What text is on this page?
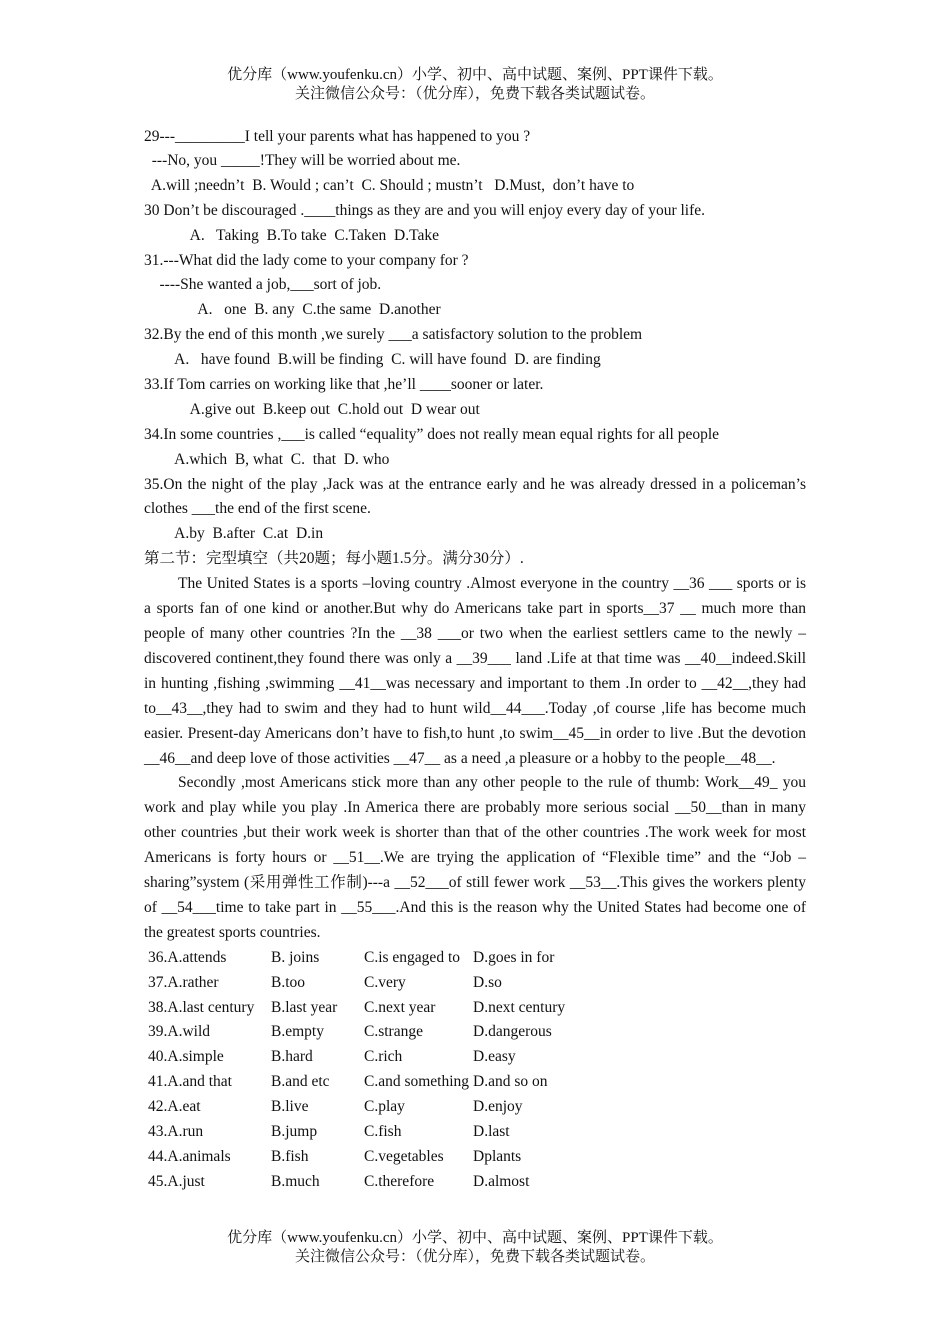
优分库（www.youfenku.cn）小学、初中、高中试题、案例、PPT课件下载。
关注微信公众号：（优分库），免费下载各类试题试卷。
29---_________I tell your parents what has happened to you ?
---No, you _____!They will be worried about me.
A.will ;needn’t  B. Would ; can’t  C. Should ; mustn’t   D.Must,  don’t have to
30 Don’t be discouraged .____things as they are and you will enjoy every day of your life.
A.   Taking  B.To take  C.Taken  D.Take
31.---What did the lady come to your company for ?
----She wanted a job,___sort of job.
A.   one  B. any  C.the same  D.another
32.By the end of this month ,we surely ___a satisfactory solution to the problem
A.   have found  B.will be finding  C. will have found  D. are finding
33.If Tom carries on working like that ,he’ll ____sooner or later.
A.give out  B.keep out  C.hold out  D wear out
34.In some countries ,___is called “equality” does not really mean equal rights for all people
A.which  B, what  C.  that  D. who

35.On the night of the play ,Jack was at the entrance early and he was already dressed in a policeman’s clothes ___the end of the first scene.

A.by  B.after  C.at  D.in
第二节：完型填空（共20题；每小题1.5分。满分30分）.

The United States is a sports –loving country .Almost everyone in the country __36 ___ sports or is a sports fan of one kind or another.But why do Americans take part in sports__37 __ much more than people of many other countries ?In the __38 ___or two when the earliest settlers came to the newly –discovered continent,they found there was only a __39___ land .Life at that time was __40__indeed.Skill in hunting ,fishing ,swimming __41__was necessary and important to them .In order to __42__,they had to__43__,they had to swim and they had to hunt wild__44___.Today ,of course ,life has become much easier. Present-day Americans don’t have to fish,to hunt ,to swim__45__in order to live .But the devotion __46__and deep love of those activities __47__ as a need ,a pleasure or a hobby to the people__48__.

Secondly ,most Americans stick more than any other people to the rule of thumb: Work__49_ you work and play while you play .In America there are probably more serious social __50__than in many other countries ,but their work week is shorter than that of the other countries .The work week for most Americans is forty hours or __51__.We are trying the application of “Flexible time” and the “Job –sharing”system (采用弹性工作制)---a __52___of still fewer work __53__.This gives the workers plenty of __54___time to take part in __55___.And this is the reason why the United States had become one of the greatest sports countries.

36.A.attends	B. joins	C.is engaged to D.goes in for
37.A.rather	B.too	C.very	D.so
38.A.last century	B.last year	C.next year	D.next century
39.A.wild	B.empty	C.strange	D.dangerous
40.A.simple	B.hard	C.rich	D.easy
41.A.and that	B.and etc	C.and something D.and so on
42.A.eat	B.live	C.play	D.enjoy
43.A.run	B.jump	C.fish	D.last
44.A.animals	B.fish	C.vegetables	Dplants
45.A.just	B.much	C.therefore	D.almost
优分库（www.youfenku.cn）小学、初中、高中试题、案例、PPT课件下载。
关注微信公众号：（优分库），免费下载各类试题试卷。
